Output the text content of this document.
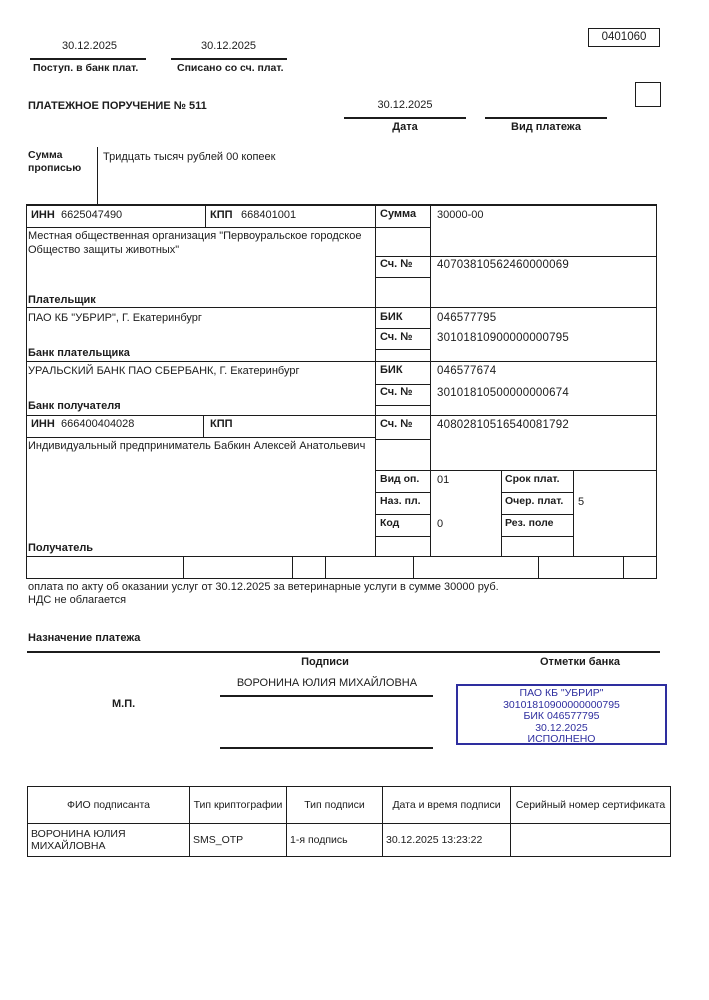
30.12.2025
Поступ. в банк плат.
30.12.2025
Списано со сч. плат.
0401060
ПЛАТЕЖНОЕ ПОРУЧЕНИЕ № 511	30.12.2025
Дата	Вид платежа
Сумма прописью
Тридцать тысяч рублей 00 копеек
ИНН 6625047490	КПП 668401001	Сумма 30000-00
Местная общественная организация "Первоуральское городское Общество защиты животных"
Сч. № 40703810562460000069
Плательщик
ПАО КБ "УБРИР", Г. Екатеринбург	БИК	046577795
Сч. № 30101810900000000795
Банк плательщика
УРАЛЬСКИЙ БАНК ПАО СБЕРБАНК, Г. Екатеринбург	БИК	046577674
Сч. № 30101810500000000674
Банк получателя
ИНН 666400404028	КПП	Сч. № 40802810516540081792
Индивидуальный предприниматель Бабкин Алексей Анатольевич
Вид оп. 01	Срок плат.
Наз. пл.	Очер. плат. 5
Код	0	Рез. поле
Получатель
оплата по акту об оказании услуг от 30.12.2025 за ветеринарные услуги в сумме 30000 руб.
НДС не облагается
Назначение платежа
Подписи	Отметки банка
ВОРОНИНА ЮЛИЯ МИХАЙЛОВНА
М.П.
ПАО КБ "УБРИР"
30101810900000000795
БИК 046577795
30.12.2025
ИСПОЛНЕНО
ФИО подписанта	Тип криптографии	Тип подписи	Дата и время подписи	Серийный номер сертификата
ВОРОНИНА ЮЛИЯ МИХАЙЛОВНА	SMS_OTP	1-я подпись	30.12.2025 13:23:22	
